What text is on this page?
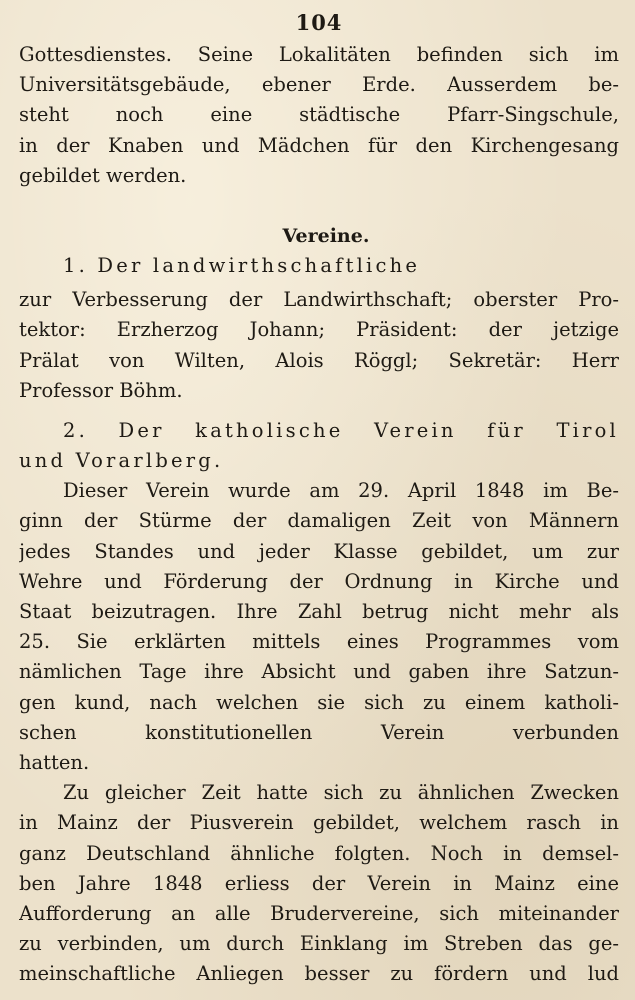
104
Gottesdienstes. Seine Lokalitäten befinden sich im
Universitätsgebäude, ebener Erde. Ausserdem be-
steht noch eine städtische Pfarr-Singschule,
in der Knaben und Mädchen für den Kirchengesang
gebildet werden.
Vereine.
1. Der landwirthschaftliche
zur Verbesserung der Landwirthschaft; oberster Pro-
tektor: Erzherzog Johann; Präsident: der jetzige
Prälat von Wilten, Alois Röggl; Sekretär: Herr
Professor Böhm.
2. Der katholische Verein für Tirol
und Vorarlberg.
Dieser Verein wurde am 29. April 1848 im Be-
ginn der Stürme der damaligen Zeit von Männern
jedes Standes und jeder Klasse gebildet, um zur
Wehre und Förderung der Ordnung in Kirche und
Staat beizutragen. Ihre Zahl betrug nicht mehr als
25. Sie erklärten mittels eines Programmes vom
nämlichen Tage ihre Absicht und gaben ihre Satzun-
gen kund, nach welchen sie sich zu einem katholi-
schen konstitutionellen Verein verbunden
hatten.
Zu gleicher Zeit hatte sich zu ähnlichen Zwecken
in Mainz der Piusverein gebildet, welchem rasch in
ganz Deutschland ähnliche folgten. Noch in demsel-
ben Jahre 1848 erliess der Verein in Mainz eine
Aufforderung an alle Brudervereine, sich miteinander
zu verbinden, um durch Einklang im Streben das ge-
meinschaftliche Anliegen besser zu fördern und lud
